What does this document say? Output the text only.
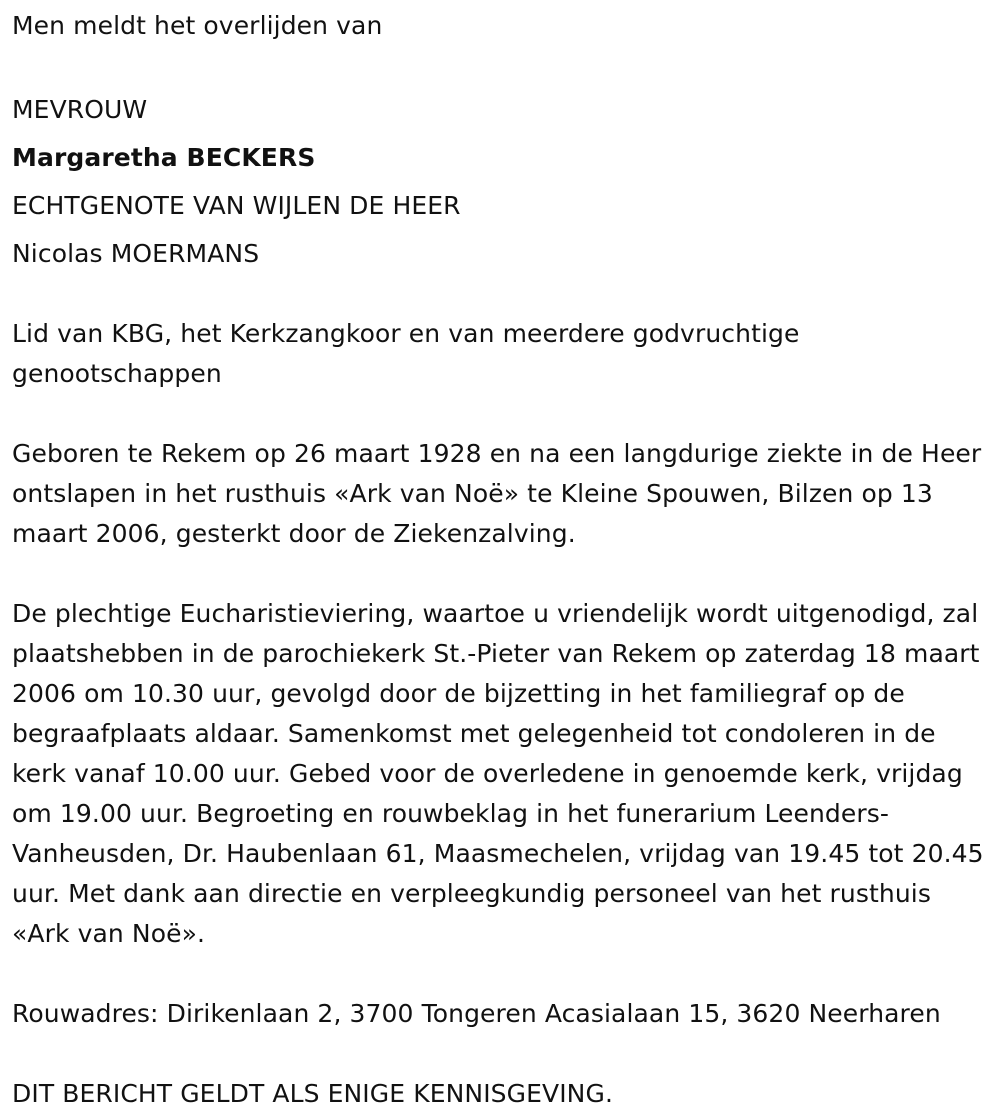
Men meldt het overlijden van

MEVROUW

Margaretha BECKERS

ECHTGENOTE VAN WIJLEN DE HEER

Nicolas MOERMANS

Lid van KBG, het Kerkzangkoor en van meerdere godvruchtige genootschappen

Geboren te Rekem op 26 maart 1928 en na een langdurige ziekte in de Heer ontslapen in het rusthuis «Ark van Noë» te Kleine Spouwen, Bilzen op 13 maart 2006, gesterkt door de Ziekenzalving.

De plechtige Eucharistieviering, waartoe u vriendelijk wordt uitgenodigd, zal plaatshebben in de parochiekerk St.-Pieter van Rekem op zaterdag 18 maart 2006 om 10.30 uur, gevolgd door de bijzetting in het familiegraf op de begraafplaats aldaar. Samenkomst met gelegenheid tot condoleren in de kerk vanaf 10.00 uur. Gebed voor de overledene in genoemde kerk, vrijdag om 19.00 uur. Begroeting en rouwbeklag in het funerarium Leenders-Vanheusden, Dr. Haubenlaan 61, Maasmechelen, vrijdag van 19.45 tot 20.45 uur. Met dank aan directie en verpleegkundig personeel van het rusthuis «Ark van Noë».

Rouwadres: Dirikenlaan 2, 3700 Tongeren Acasialaan 15, 3620 Neerharen

DIT BERICHT GELDT ALS ENIGE KENNISGEVING.
